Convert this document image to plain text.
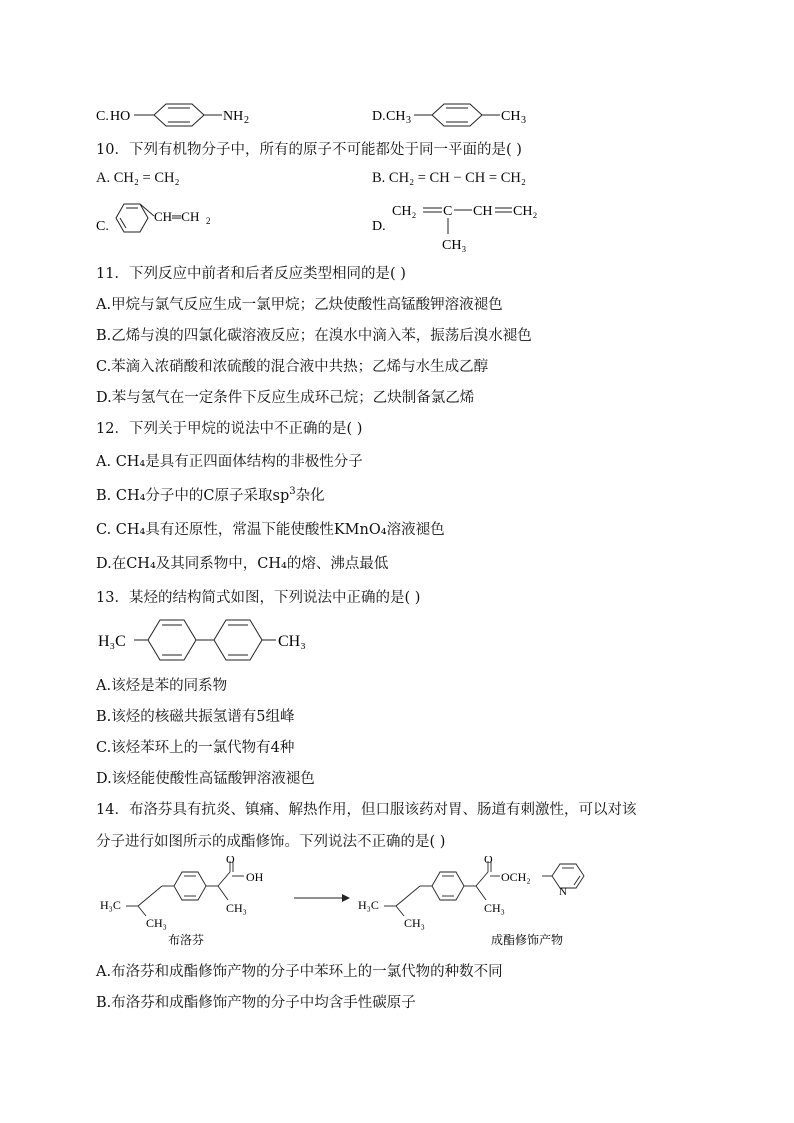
C. HO	NH 2	D. CH 3	CH 3
10．下列有机物分子中，所有的原子不可能都处于同一平面的是( )
A. CH₂ = CH₂	B. CH₂ = CH − CH = CH₂
C.
CH═CH 2	D.
CH₂ C CH CH₂
CH₃
11．下列反应中前者和后者反应类型相同的是( )
A.甲烷与氯气反应生成一氯甲烷；乙炔使酸性高锰酸钾溶液褪色
B.乙烯与溴的四氯化碳溶液反应；在溴水中滴入苯，振荡后溴水褪色
C.苯滴入浓硝酸和浓硫酸的混合液中共热；乙烯与水生成乙醇
D.苯与氢气在一定条件下反应生成环己烷；乙炔制备氯乙烯
12．下列关于甲烷的说法中不正确的是( )
A. CH₄是具有正四面体结构的非极性分子
B. CH₄分子中的C原子采取$sp^3$杂化
C. CH₄具有还原性，常温下能使酸性KMnO₄溶液褪色
D.在CH₄及其同系物中，CH₄的熔、沸点最低
13．某烃的结构简式如图，下列说法中正确的是( )
H₃C	CH₃
A.该烃是苯的同系物
B.该烃的核磁共振氢谱有5组峰
C.该烃苯环上的一氯代物有4种
D.该烃能使酸性高锰酸钾溶液褪色
14．布洛芬具有抗炎、镇痛、解热作用，但口服该药对胃、肠道有刺激性，可以对该
分子进行如图所示的成酯修饰。下列说法不正确的是( )
H₃C
CH₃
CH₃
O
OH
布洛芬
H₃C
CH₃
CH₃
O
OCH₂
N
成酯修饰产物
A.布洛芬和成酯修饰产物的分子中苯环上的一氯代物的种数不同
B.布洛芬和成酯修饰产物的分子中均含手性碳原子
